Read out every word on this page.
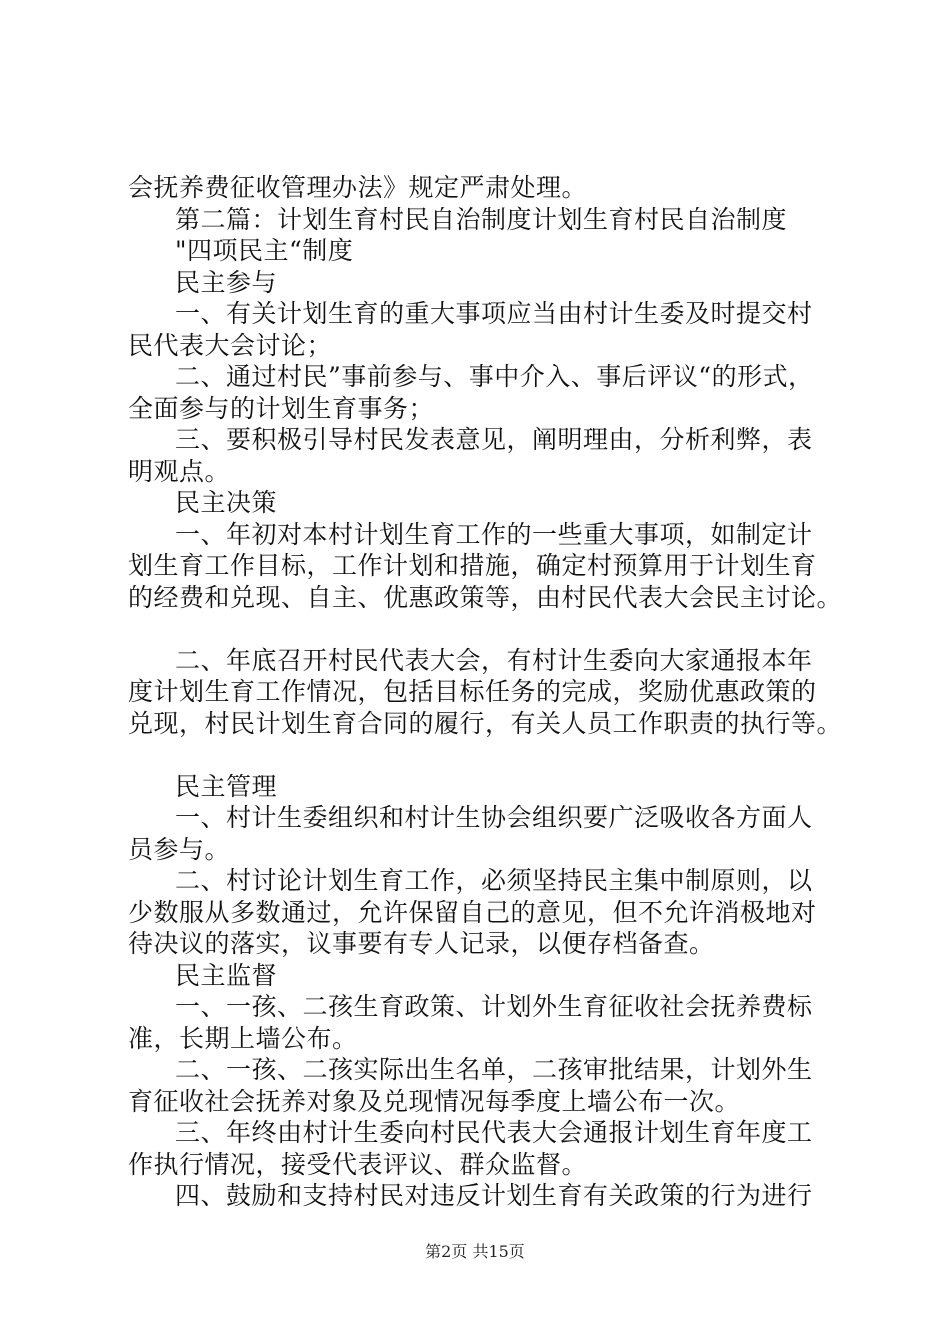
会抚养费征收管理办法》规定严肃处理。
第二篇：计划生育村民自治制度计划生育村民自治制度
"四项民主“制度
民主参与
一、有关计划生育的重大事项应当由村计生委及时提交村
民代表大会讨论；
二、通过村民”事前参与、事中介入、事后评议“的形式，
全面参与的计划生育事务；
三、要积极引导村民发表意见，阐明理由，分析利弊，表
明观点。
民主决策
一、年初对本村计划生育工作的一些重大事项，如制定计
划生育工作目标，工作计划和措施，确定村预算用于计划生育
的经费和兑现、自主、优惠政策等，由村民代表大会民主讨论。
二、年底召开村民代表大会，有村计生委向大家通报本年
度计划生育工作情况，包括目标任务的完成，奖励优惠政策的
兑现，村民计划生育合同的履行，有关人员工作职责的执行等。
民主管理
一、村计生委组织和村计生协会组织要广泛吸收各方面人
员参与。
二、村讨论计划生育工作，必须坚持民主集中制原则，以
少数服从多数通过，允许保留自己的意见，但不允许消极地对
待决议的落实，议事要有专人记录，以便存档备查。
民主监督
一、一孩、二孩生育政策、计划外生育征收社会抚养费标
准，长期上墙公布。
二、一孩、二孩实际出生名单，二孩审批结果，计划外生
育征收社会抚养对象及兑现情况每季度上墙公布一次。
三、年终由村计生委向村民代表大会通报计划生育年度工
作执行情况，接受代表评议、群众监督。
四、鼓励和支持村民对违反计划生育有关政策的行为进行
第2页 共15页
